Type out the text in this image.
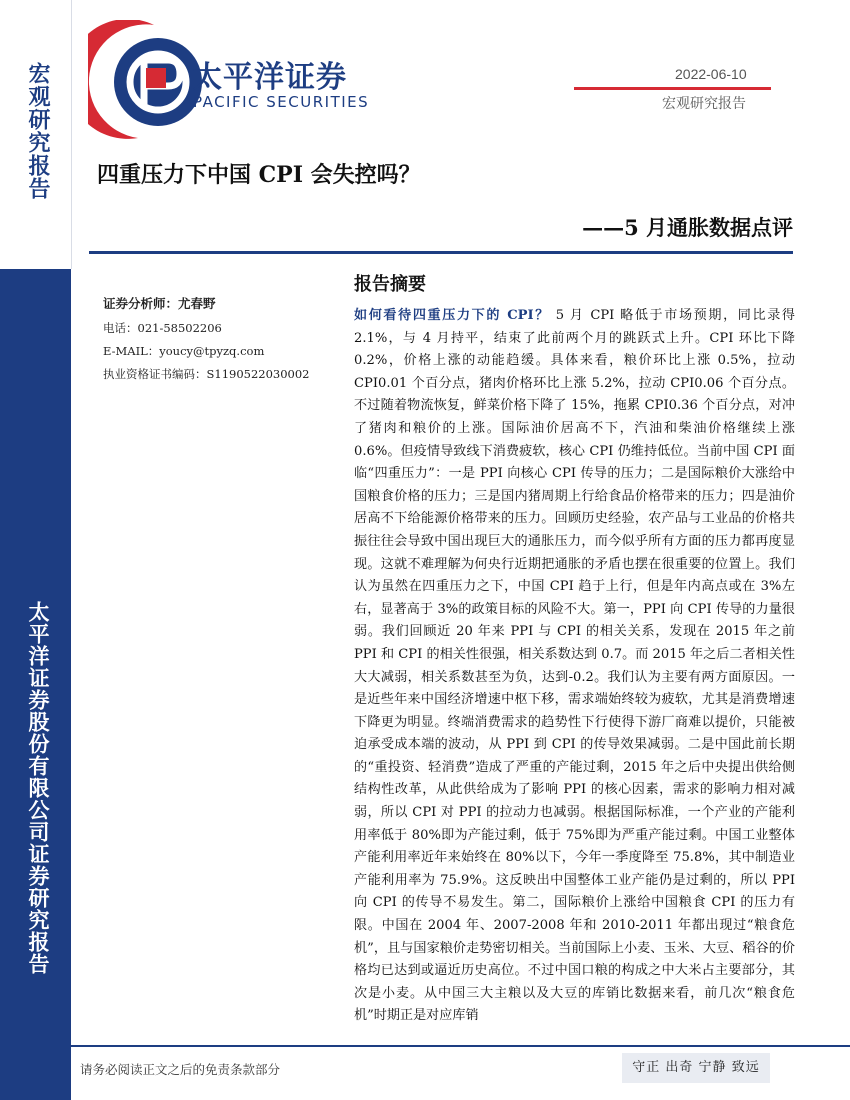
宏观研究报告
太平洋证券股份有限公司证券研究报告
太平洋证券
PACIFIC SECURITIES
2022-06-10
宏观研究报告
四重压力下中国 CPI 会失控吗？
——5 月通胀数据点评
证券分析师：尤春野
电话：021-58502206
E-MAIL：youcy@tpyzq.com
执业资格证书编码：S1190522030002
报告摘要

如何看待四重压力下的 CPI？ 5 月 CPI 略低于市场预期，同比录得 2.1%，与 4 月持平，结束了此前两个月的跳跃式上升。CPI 环比下降 0.2%，价格上涨的动能趋缓。具体来看，粮价环比上涨 0.5%，拉动 CPI0.01 个百分点，猪肉价格环比上涨 5.2%，拉动 CPI0.06 个百分点。不过随着物流恢复，鲜菜价格下降了 15%，拖累 CPI0.36 个百分点，对冲了猪肉和粮价的上涨。国际油价居高不下，汽油和柴油价格继续上涨 0.6%。但疫情导致线下消费疲软，核心 CPI 仍维持低位。当前中国 CPI 面临“四重压力”：一是 PPI 向核心 CPI 传导的压力；二是国际粮价大涨给中国粮食价格的压力；三是国内猪周期上行给食品价格带来的压力；四是油价居高不下给能源价格带来的压力。回顾历史经验，农产品与工业品的价格共振往往会导致中国出现巨大的通胀压力，而今似乎所有方面的压力都再度显现。这就不难理解为何央行近期把通胀的矛盾也摆在很重要的位置上。我们认为虽然在四重压力之下，中国 CPI 趋于上行，但是年内高点或在 3%左右，显著高于 3%的政策目标的风险不大。第一，PPI 向 CPI 传导的力量很弱。我们回顾近 20 年来 PPI 与 CPI 的相关关系，发现在 2015 年之前 PPI 和 CPI 的相关性很强，相关系数达到 0.7。而 2015 年之后二者相关性大大减弱，相关系数甚至为负，达到-0.2。我们认为主要有两方面原因。一是近些年来中国经济增速中枢下移，需求端始终较为疲软，尤其是消费增速下降更为明显。终端消费需求的趋势性下行使得下游厂商难以提价，只能被迫承受成本端的波动，从 PPI 到 CPI 的传导效果减弱。二是中国此前长期的“重投资、轻消费”造成了严重的产能过剩，2015 年之后中央提出供给侧结构性改革，从此供给成为了影响 PPI 的核心因素，需求的影响力相对减弱，所以 CPI 对 PPI 的拉动力也减弱。根据国际标准，一个产业的产能利用率低于 80%即为产能过剩，低于 75%即为严重产能过剩。中国工业整体产能利用率近年来始终在 80%以下，今年一季度降至 75.8%，其中制造业产能利用率为 75.9%。这反映出中国整体工业产能仍是过剩的，所以 PPI 向 CPI 的传导不易发生。第二，国际粮价上涨给中国粮食 CPI 的压力有限。中国在 2004 年、2007-2008 年和 2010-2011 年都出现过“粮食危机”，且与国家粮价走势密切相关。当前国际上小麦、玉米、大豆、稻谷的价格均已达到或逼近历史高位。不过中国口粮的构成之中大米占主要部分，其次是小麦。从中国三大主粮以及大豆的库销比数据来看，前几次“粮食危机”时期正是对应库销

请务必阅读正文之后的免责条款部分	守正 出奇 宁静 致远
